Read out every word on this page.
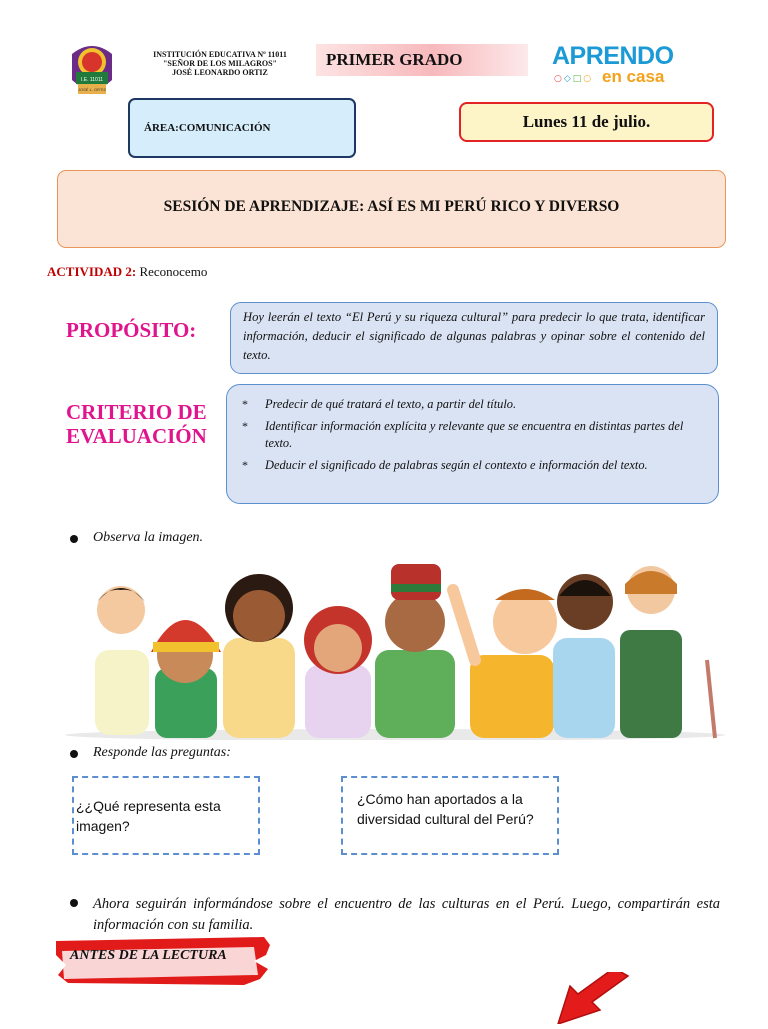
I.E. 11011
JOSÉ L. ORTIZ
INSTITUCIÓN EDUCATIVA Nº 11011
"SEÑOR DE LOS MILAGROS"
JOSÉ LEONARDO ORTIZ
PRIMER GRADO	APRENDO
○◇□○ en casa
ÁREA:COMUNICACIÓN	Lunes 11 de julio.
SESIÓN DE APRENDIZAJE: ASÍ ES MI PERÚ RICO Y DIVERSO
ACTIVIDAD 2: Reconocemo
PROPÓSITO:
Hoy leerán el texto “El Perú y su riqueza cultural” para predecir lo que trata, identificar información, deducir el significado de algunas palabras y opinar sobre el contenido del texto.
CRITERIO DE
EVALUACIÓN
*	Predecir de qué tratará el texto, a partir del título.
*	Identificar información explícita y relevante que se encuentra en distintas partes del texto.
*	Deducir el significado de palabras según el contexto e información del texto.
Observa la imagen.
Responde las preguntas:
¿¿Qué representa esta imagen?
¿Cómo han aportados a la diversidad cultural del Perú?
Ahora seguirán informándose sobre el encuentro de las culturas en el Perú. Luego, compartirán esta información con su familia.
ANTES DE LA LECTURA
